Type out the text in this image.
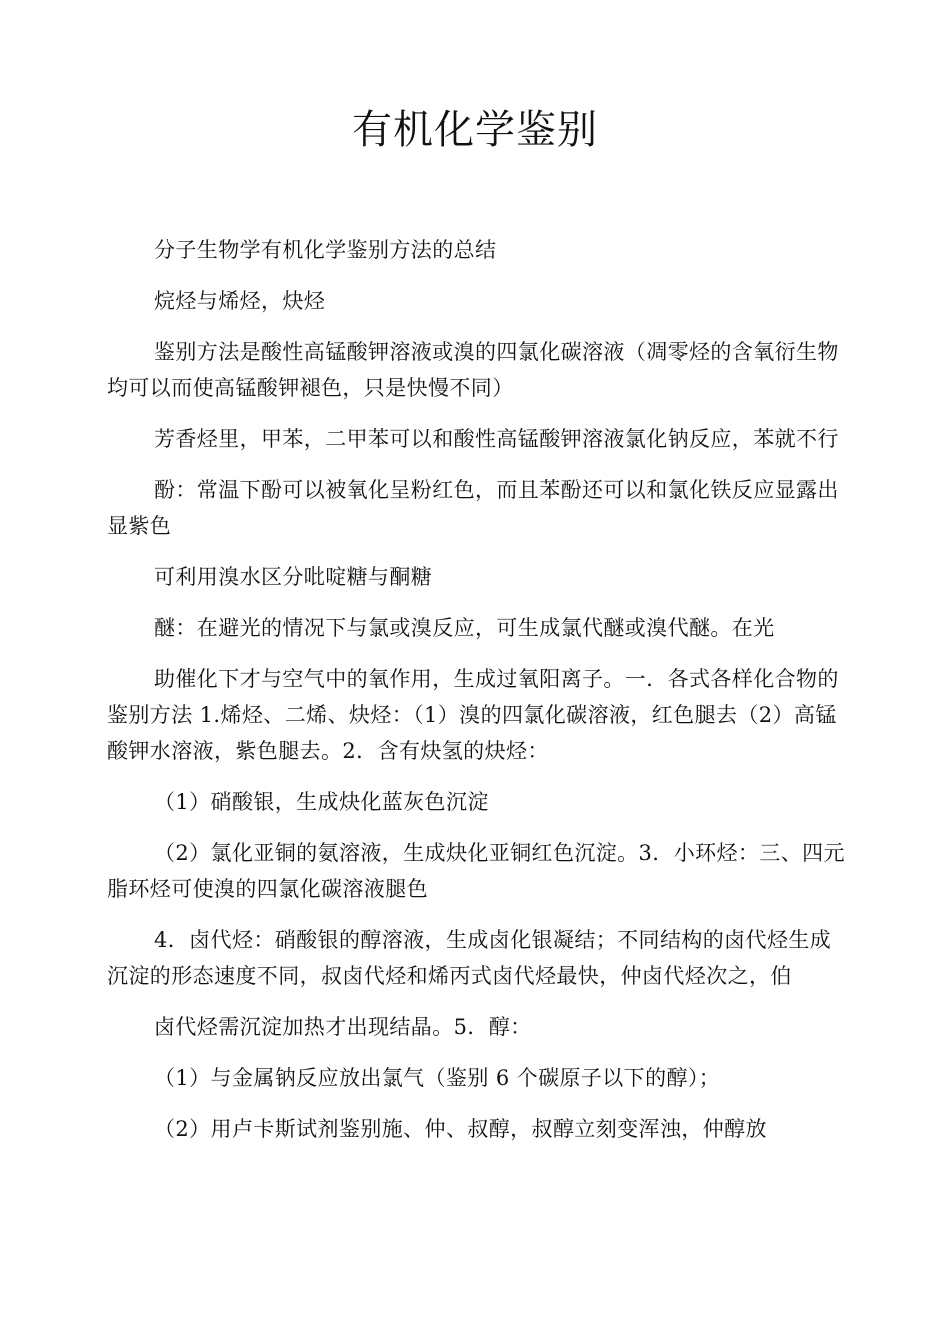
有机化学鉴别

分子生物学有机化学鉴别方法的总结

烷烃与烯烃，炔烃

鉴别方法是酸性高锰酸钾溶液或溴的四氯化碳溶液（凋零烃的含氧衍生物均可以而使高锰酸钾褪色，只是快慢不同）

芳香烃里，甲苯，二甲苯可以和酸性高锰酸钾溶液氯化钠反应，苯就不行

酚：常温下酚可以被氧化呈粉红色，而且苯酚还可以和氯化铁反应显露出显紫色

可利用溴水区分吡啶糖与酮糖

醚：在避光的情况下与氯或溴反应，可生成氯代醚或溴代醚。在光

助催化下才与空气中的氧作用，生成过氧阳离子。一．各式各样化合物的鉴别方法 1.烯烃、二烯、炔烃：（1）溴的四氯化碳溶液，红色腿去（2）高锰酸钾水溶液，紫色腿去。2．含有炔氢的炔烃：

（1）硝酸银，生成炔化蓝灰色沉淀

（2）氯化亚铜的氨溶液，生成炔化亚铜红色沉淀。3．小环烃：三、四元脂环烃可使溴的四氯化碳溶液腿色

4．卤代烃：硝酸银的醇溶液，生成卤化银凝结；不同结构的卤代烃生成沉淀的形态速度不同，叔卤代烃和烯丙式卤代烃最快，仲卤代烃次之，伯

卤代烃需沉淀加热才出现结晶。5．醇：

（1）与金属钠反应放出氯气（鉴别 6 个碳原子以下的醇）；

（2）用卢卡斯试剂鉴别施、仲、叔醇，叔醇立刻变浑浊，仲醇放
